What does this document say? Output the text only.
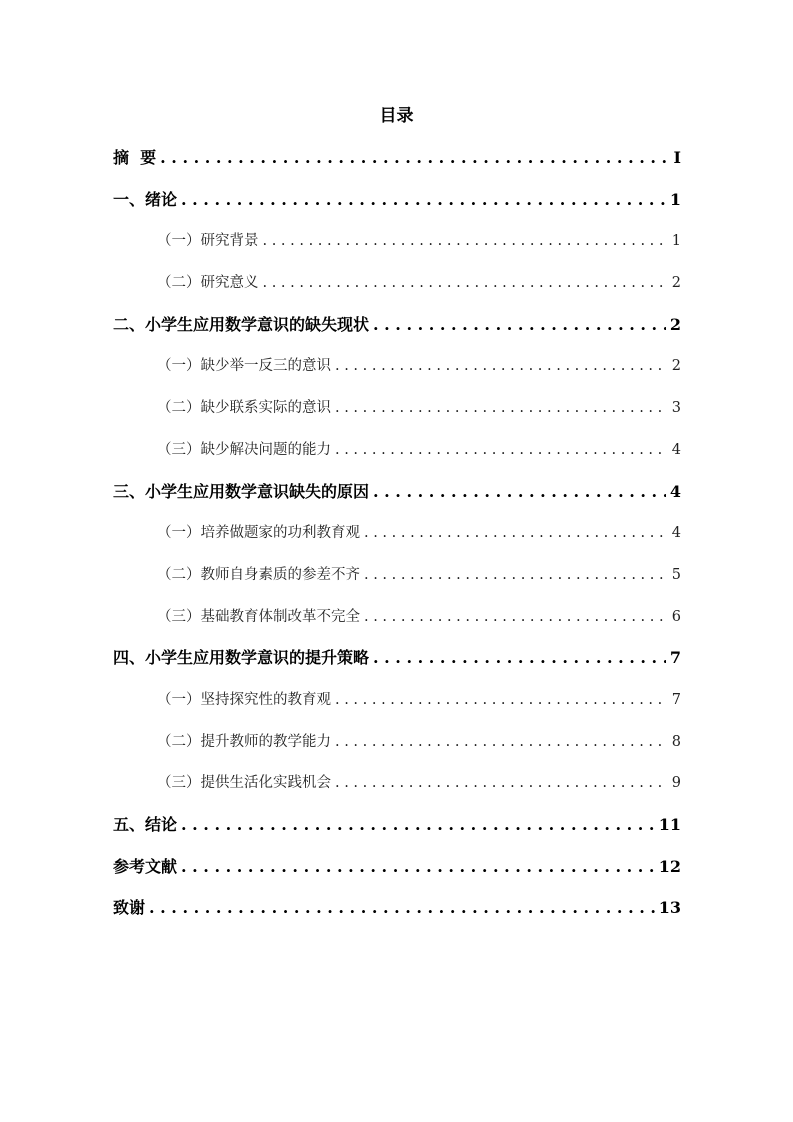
目录
摘  要 . . .	I
一、绪论 . . .	1
（一）研究背景 . . .	1
（二）研究意义 . . .	2
二、小学生应用数学意识的缺失现状 . . .	2
（一）缺少举一反三的意识 . . .	2
（二）缺少联系实际的意识 . . .	3
（三）缺少解决问题的能力 . . .	4
三、小学生应用数学意识缺失的原因 . . .	4
（一）培养做题家的功利教育观 . . .	4
（二）教师自身素质的参差不齐 . . .	5
（三）基础教育体制改革不完全 . . .	6
四、小学生应用数学意识的提升策略 . . .	7
（一）坚持探究性的教育观 . . .	7
（二）提升教师的教学能力 . . .	8
（三）提供生活化实践机会 . . .	9
五、结论 . . .	11
参考文献 . . .	12
致谢 . . .	13
